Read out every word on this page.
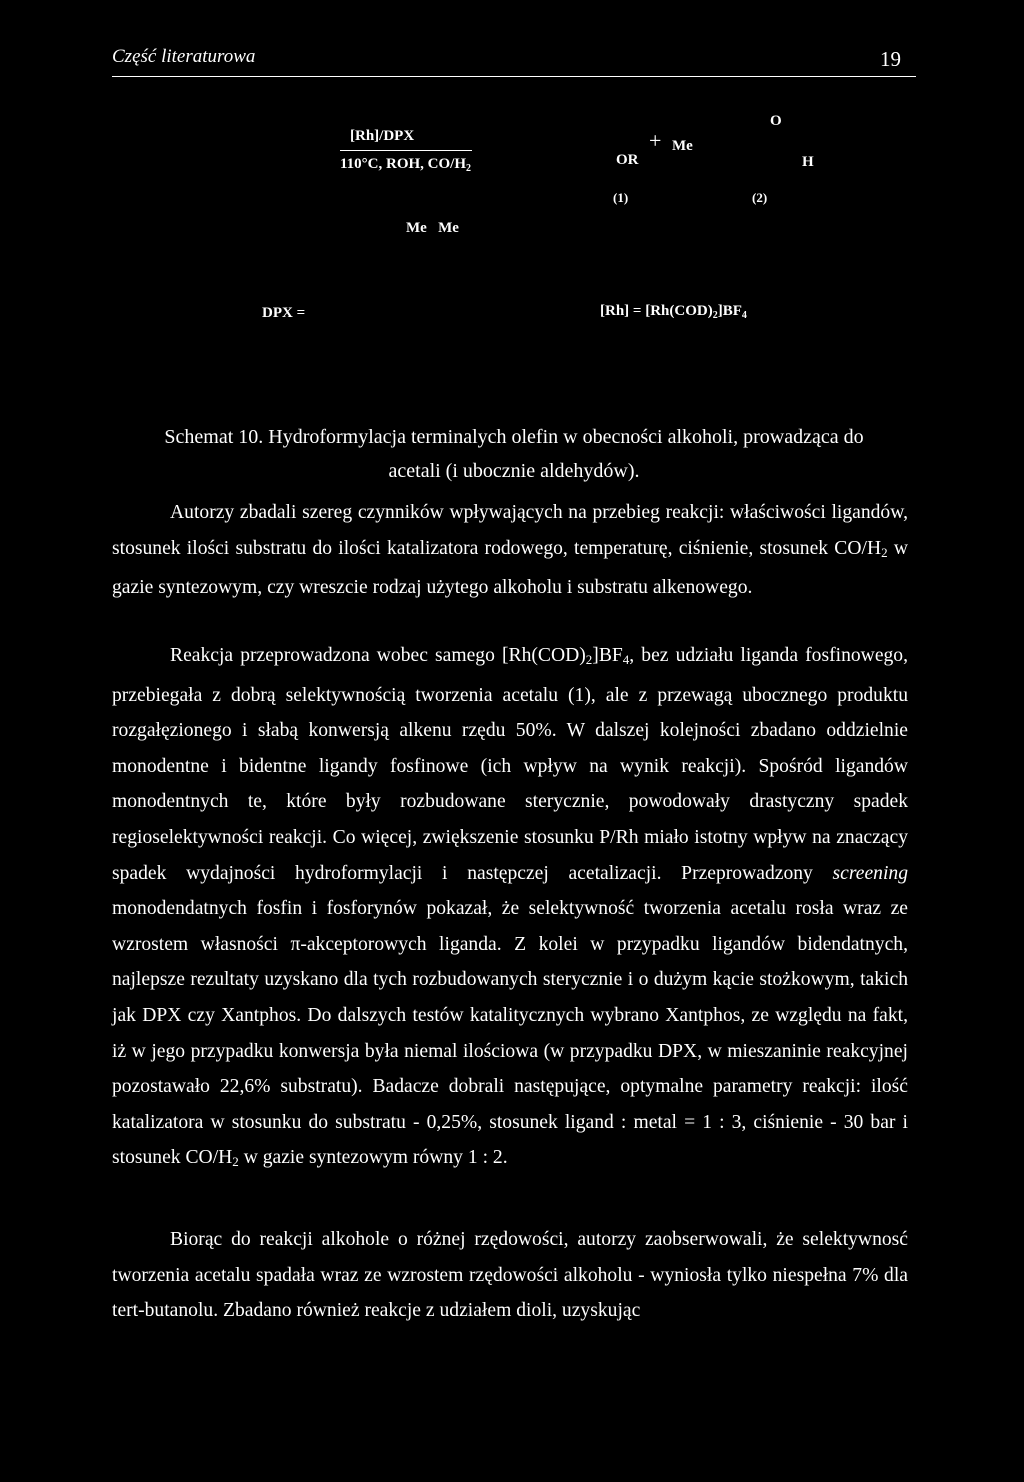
Część literaturowa	19
[Rh]/DPX
110°C, ROH, $CO/H_2$
OR
+ Me
(1)	(2)
O
H
Me   Me
DPX =	$[Rh] = [Rh(COD)_2]BF_4$
Schemat 10. Hydroformylacja terminalych olefin w obecności alkoholi, prowadząca do
acetali (i ubocznie aldehydów).

Autorzy zbadali szereg czynników wpływających na przebieg reakcji: właściwości ligandów, stosunek ilości substratu do ilości katalizatora rodowego, temperaturę, ciśnienie, stosunek CO/H2 w gazie syntezowym, czy wreszcie rodzaj użytego alkoholu i substratu alkenowego.

Reakcja przeprowadzona wobec samego [Rh(COD)2]BF4, bez udziału liganda fosfinowego, przebiegała z dobrą selektywnością tworzenia acetalu (1), ale z przewagą ubocznego produktu rozgałęzionego i słabą konwersją alkenu rzędu 50%. W dalszej kolejności zbadano oddzielnie monodentne i bidentne ligandy fosfinowe (ich wpływ na wynik reakcji). Spośród ligandów monodentnych te, które były rozbudowane sterycznie, powodowały drastyczny spadek regioselektywności reakcji. Co więcej, zwiększenie stosunku P/Rh miało istotny wpływ na znaczący spadek wydajności hydroformylacji i następczej acetalizacji. Przeprowadzony screening monodendatnych fosfin i fosforynów pokazał, że selektywność tworzenia acetalu rosła wraz ze wzrostem własności π-akceptorowych liganda. Z kolei w przypadku ligandów bidendatnych, najlepsze rezultaty uzyskano dla tych rozbudowanych sterycznie i o dużym kącie stożkowym, takich jak DPX czy Xantphos. Do dalszych testów katalitycznych wybrano Xantphos, ze względu na fakt, iż w jego przypadku konwersja była niemal ilościowa (w przypadku DPX, w mieszaninie reakcyjnej pozostawało 22,6% substratu). Badacze dobrali następujące, optymalne parametry reakcji: ilość katalizatora w stosunku do substratu - 0,25%, stosunek ligand : metal = 1 : 3, ciśnienie - 30 bar i stosunek CO/H2 w gazie syntezowym równy 1 : 2.

Biorąc do reakcji alkohole o różnej rzędowości, autorzy zaobserwowali, że selektywnosć tworzenia acetalu spadała wraz ze wzrostem rzędowości alkoholu - wyniosła tylko niespełna 7% dla tert-butanolu. Zbadano również reakcje z udziałem dioli, uzyskując
